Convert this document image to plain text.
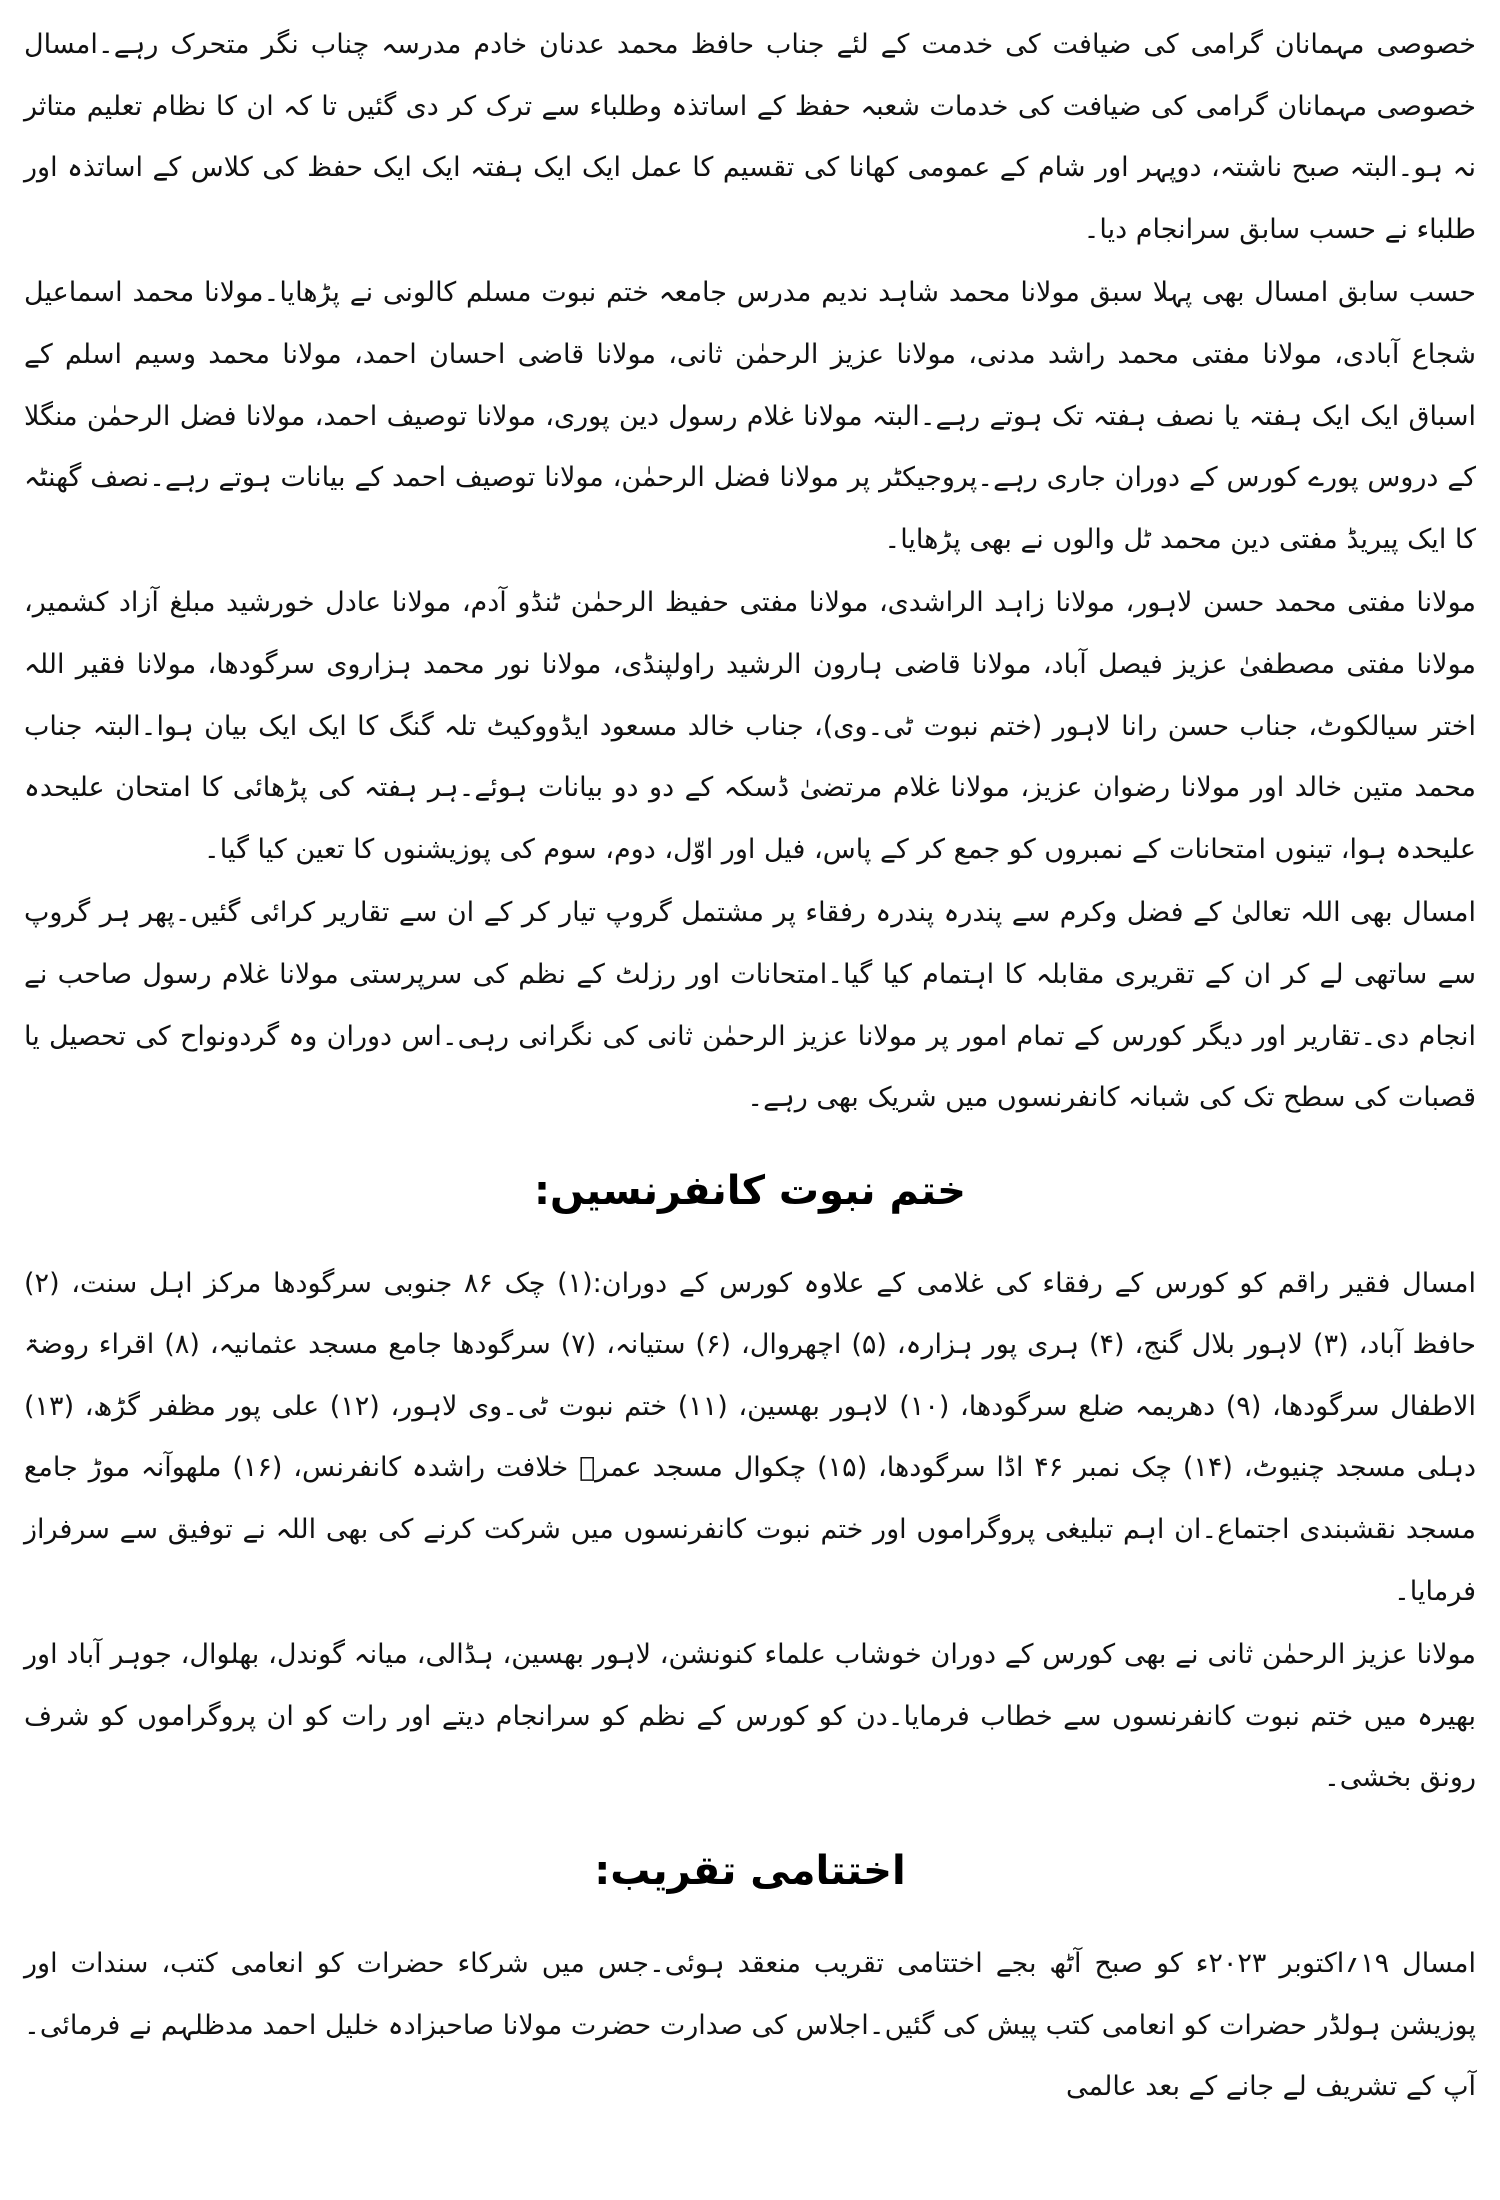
خصوصی مہمانان گرامی کی ضیافت کی خدمت کے لئے جناب حافظ محمد عدنان خادم مدرسہ چناب نگر متحرک رہے۔امسال خصوصی مہمانان گرامی کی ضیافت کی خدمات شعبہ حفظ کے اساتذہ وطلباء سے ترک کر دی گئیں تا کہ ان کا نظام تعلیم متاثر نہ ہو۔البتہ صبح ناشتہ، دوپہر اور شام کے عمومی کھانا کی تقسیم کا عمل ایک ایک ہفتہ ایک ایک حفظ کی کلاس کے اساتذہ اور طلباء نے حسب سابق سرانجام دیا۔

حسب سابق امسال بھی پہلا سبق مولانا محمد شاہد ندیم مدرس جامعہ ختم نبوت مسلم کالونی نے پڑھایا۔مولانا محمد اسماعیل شجاع آبادی، مولانا مفتی محمد راشد مدنی، مولانا عزیز الرحمٰن ثانی، مولانا قاضی احسان احمد، مولانا محمد وسیم اسلم کے اسباق ایک ایک ہفتہ یا نصف ہفتہ تک ہوتے رہے۔البتہ مولانا غلام رسول دین پوری، مولانا توصیف احمد، مولانا فضل الرحمٰن منگلا کے دروس پورے کورس کے دوران جاری رہے۔پروجیکٹر پر مولانا فضل الرحمٰن، مولانا توصیف احمد کے بیانات ہوتے رہے۔نصف گھنٹہ کا ایک پیریڈ مفتی دین محمد ٹل والوں نے بھی پڑھایا۔

مولانا مفتی محمد حسن لاہور، مولانا زاہد الراشدی، مولانا مفتی حفیظ الرحمٰن ٹنڈو آدم، مولانا عادل خورشید مبلغ آزاد کشمیر، مولانا مفتی مصطفیٰ عزیز فیصل آباد، مولانا قاضی ہارون الرشید راولپنڈی، مولانا نور محمد ہزاروی سرگودھا، مولانا فقیر اللہ اختر سیالکوٹ، جناب حسن رانا لاہور (ختم نبوت ٹی۔وی)، جناب خالد مسعود ایڈووکیٹ تلہ گنگ کا ایک ایک بیان ہوا۔البتہ جناب محمد متین خالد اور مولانا رضوان عزیز، مولانا غلام مرتضیٰ ڈسکہ کے دو دو بیانات ہوئے۔ہر ہفتہ کی پڑھائی کا امتحان علیحدہ علیحدہ ہوا، تینوں امتحانات کے نمبروں کو جمع کر کے پاس، فیل اور اوّل، دوم، سوم کی پوزیشنوں کا تعین کیا گیا۔

امسال بھی اللہ تعالیٰ کے فضل وکرم سے پندرہ پندرہ رفقاء پر مشتمل گروپ تیار کر کے ان سے تقاریر کرائی گئیں۔پھر ہر گروپ سے ساتھی لے کر ان کے تقریری مقابلہ کا اہتمام کیا گیا۔امتحانات اور رزلٹ کے نظم کی سرپرستی مولانا غلام رسول صاحب نے انجام دی۔تقاریر اور دیگر کورس کے تمام امور پر مولانا عزیز الرحمٰن ثانی کی نگرانی رہی۔اس دوران وہ گردونواح کی تحصیل یا قصبات کی سطح تک کی شبانہ کانفرنسوں میں شریک بھی رہے۔

ختم نبوت کانفرنسیں:

امسال فقیر راقم کو کورس کے رفقاء کی غلامی کے علاوہ کورس کے دوران:(۱) چک ۸۶ جنوبی سرگودھا مرکز اہل سنت، (۲) حافظ آباد، (۳) لاہور بلال گنج، (۴) ہری پور ہزارہ، (۵) اچھروال، (۶) ستیانہ، (۷) سرگودھا جامع مسجد عثمانیہ، (۸) اقراء روضۃ الاطفال سرگودھا، (۹) دھریمہ ضلع سرگودھا، (۱۰) لاہور بھسین، (۱۱) ختم نبوت ٹی۔وی لاہور، (۱۲) علی پور مظفر گڑھ، (۱۳) دہلی مسجد چنیوٹ، (۱۴) چک نمبر ۴۶ اڈا سرگودھا، (۱۵) چکوال مسجد عمرؓ خلافت راشدہ کانفرنس، (۱۶) ملھوآنہ موڑ جامع مسجد نقشبندی اجتماع۔ان اہم تبلیغی پروگراموں اور ختم نبوت کانفرنسوں میں شرکت کرنے کی بھی اللہ نے توفیق سے سرفراز فرمایا۔

مولانا عزیز الرحمٰن ثانی نے بھی کورس کے دوران خوشاب علماء کنونشن، لاہور بھسین، ہڈالی، میانہ گوندل، بھلوال، جوہر آباد اور بھیرہ میں ختم نبوت کانفرنسوں سے خطاب فرمایا۔دن کو کورس کے نظم کو سرانجام دیتے اور رات کو ان پروگراموں کو شرف رونق بخشی۔

اختتامی تقریب:

امسال ۱۹؍اکتوبر ۲۰۲۳ء کو صبح آٹھ بجے اختتامی تقریب منعقد ہوئی۔جس میں شرکاء حضرات کو انعامی کتب، سندات اور پوزیشن ہولڈر حضرات کو انعامی کتب پیش کی گئیں۔اجلاس کی صدارت حضرت مولانا صاحبزادہ خلیل احمد مدظلہم نے فرمائی۔آپ کے تشریف لے جانے کے بعد عالمی
